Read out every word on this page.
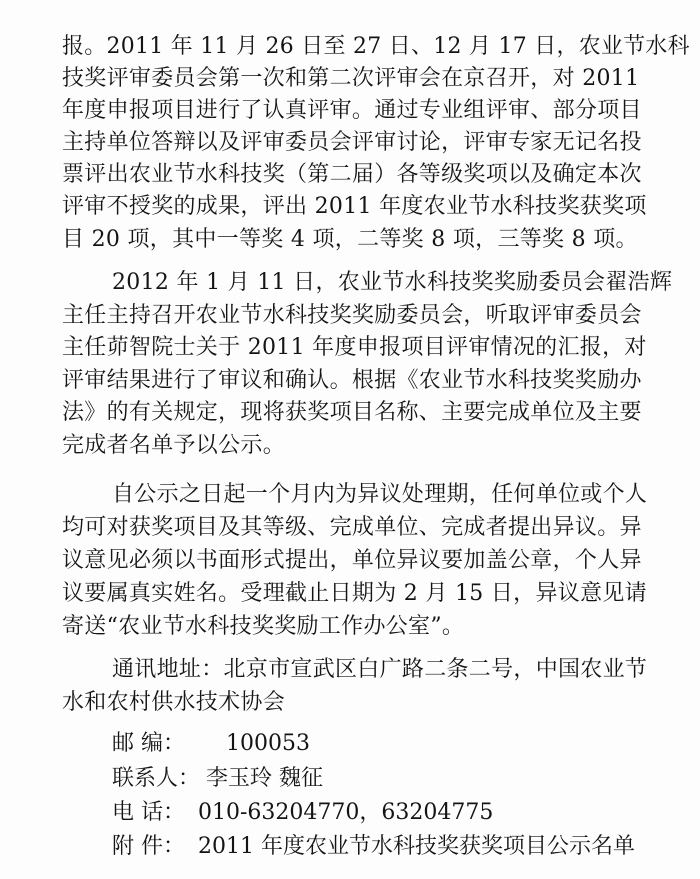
报。2011 年 11 月 26 日至 27 日、12 月 17 日，农业节水科
技奖评审委员会第一次和第二次评审会在京召开，对 2011
年度申报项目进行了认真评审。通过专业组评审、部分项目
主持单位答辩以及评审委员会评审讨论，评审专家无记名投
票评出农业节水科技奖（第二届）各等级奖项以及确定本次
评审不授奖的成果，评出 2011 年度农业节水科技奖获奖项
目 20 项，其中一等奖 4 项，二等奖 8 项，三等奖 8 项。
2012 年 1 月 11 日，农业节水科技奖奖励委员会翟浩辉
主任主持召开农业节水科技奖奖励委员会，听取评审委员会
主任茆智院士关于 2011 年度申报项目评审情况的汇报，对
评审结果进行了审议和确认。根据《农业节水科技奖奖励办
法》的有关规定，现将获奖项目名称、主要完成单位及主要
完成者名单予以公示。
自公示之日起一个月内为异议处理期，任何单位或个人
均可对获奖项目及其等级、完成单位、完成者提出异议。异
议意见必须以书面形式提出，单位异议要加盖公章，个人异
议要属真实姓名。受理截止日期为 2 月 15 日，异议意见请
寄送“农业节水科技奖奖励工作办公室”。
通讯地址：北京市宣武区白广路二条二号，中国农业节
水和农村供水技术协会
邮 编： 100053
联系人： 李玉玲 魏征
电 话： 010-63204770，63204775
附 件： 2011 年度农业节水科技奖获奖项目公示名单
